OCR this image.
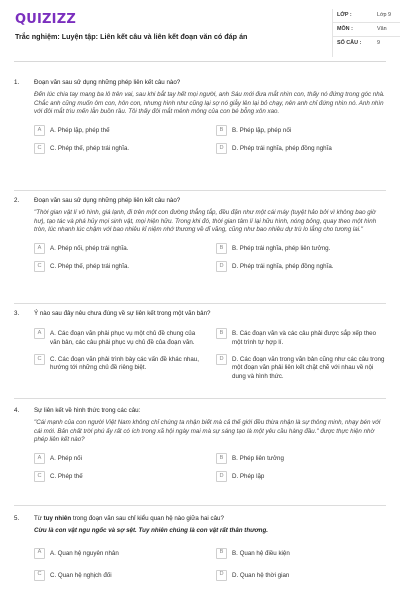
QUIZIZZ
Trắc nghiệm: Luyện tập: Liên kết câu và liên kết đoạn văn có đáp án
LỚP :	Lớp 9
MÔN :	Văn
SỐ CÂU :	9
1.	Đoạn văn sau sử dụng những phép liên kết câu nào?
Đến lúc chia tay mang ba lô trên vai, sau khi bắt tay hết mọi người, anh Sáu mới đưa mắt nhìn con, thấy nó đứng trong góc nhà. Chắc anh cũng muốn ôm con, hôn con, nhưng hình như cũng lại sợ nó giẫy lên lại bỏ chạy, nên anh chỉ đứng nhìn nó. Anh nhìn với đôi mắt trìu mến lẫn buồn rầu. Tôi thấy đôi mắt mênh mông của con bé bỗng xôn xao.
A	A. Phép lặp, phép thế	B	B. Phép lặp, phép nối
C	C. Phép thế, phép trái nghĩa.	D	D. Phép trái nghĩa, phép đồng nghĩa
2.	Đoạn văn sau sử dụng những phép liên kết câu nào?
"Thời gian vật lí vô hình, giá lạnh, đi trên một con đường thẳng tắp, đều đặn như một cái máy (tuyệt hảo bởi vì không bao giờ hư), tạo tác và phá hủy mọi sinh vật, mọi hiện hữu. Trong khi đó, thời gian tâm lí lại hữu hình, nóng bỏng, quay theo một hình tròn, lúc nhanh lúc chậm với bao nhiêu kỉ niệm nhớ thương về dĩ vãng, cũng như bao nhiêu dự trù lo lắng cho tương lai."
A	A. Phép nối, phép trái nghĩa.	B	B. Phép trái nghĩa, phép liên tưởng.
C	C. Phép thế, phép trái nghĩa.	D	D. Phép trái nghĩa, phép đồng nghĩa.
3.	Ý nào sau đây nêu chưa đúng về sự liên kết trong một văn bản?
A	A. Các đoạn văn phải phục vụ một chủ đề chung của văn bản, các câu phải phục vụ chủ đề của đoạn văn.
B	B. Các đoạn văn và các câu phải được sắp xếp theo một trình tự hợp lí.
C	C. Các đoạn văn phải trình bày các vấn đề khác nhau, hướng tới những chủ đề riêng biệt.
D	D. Các đoạn văn trong văn bản cũng như các câu trong một đoạn văn phải liên kết chặt chẽ với nhau về nội dung và hình thức.
4.	Sự liên kết về hình thức trong các câu:
"Cái mạnh của con người Việt Nam không chỉ chúng ta nhận biết mà cả thế giới đều thừa nhận là sự thông minh, nhạy bén với cái mới. Bản chất trời phú ấy rất có ích trong xã hội ngày mai mà sự sáng tạo là một yêu cầu hàng đầu." được thực hiện nhờ phép liên kết nào?
A	A. Phép nối	B	B. Phép liên tưởng
C	C. Phép thế	D	D. Phép lặp
5.	Từ tuy nhiên trong đoạn văn sau chỉ kiểu quan hệ nào giữa hai câu?
Cừu là con vật ngu ngốc và sợ sệt. Tuy nhiên chúng là con vật rất thân thương.
A	A. Quan hệ nguyên nhân	B	B. Quan hệ điều kiện
C	C. Quan hệ nghịch đối	D	D. Quan hệ thời gian
